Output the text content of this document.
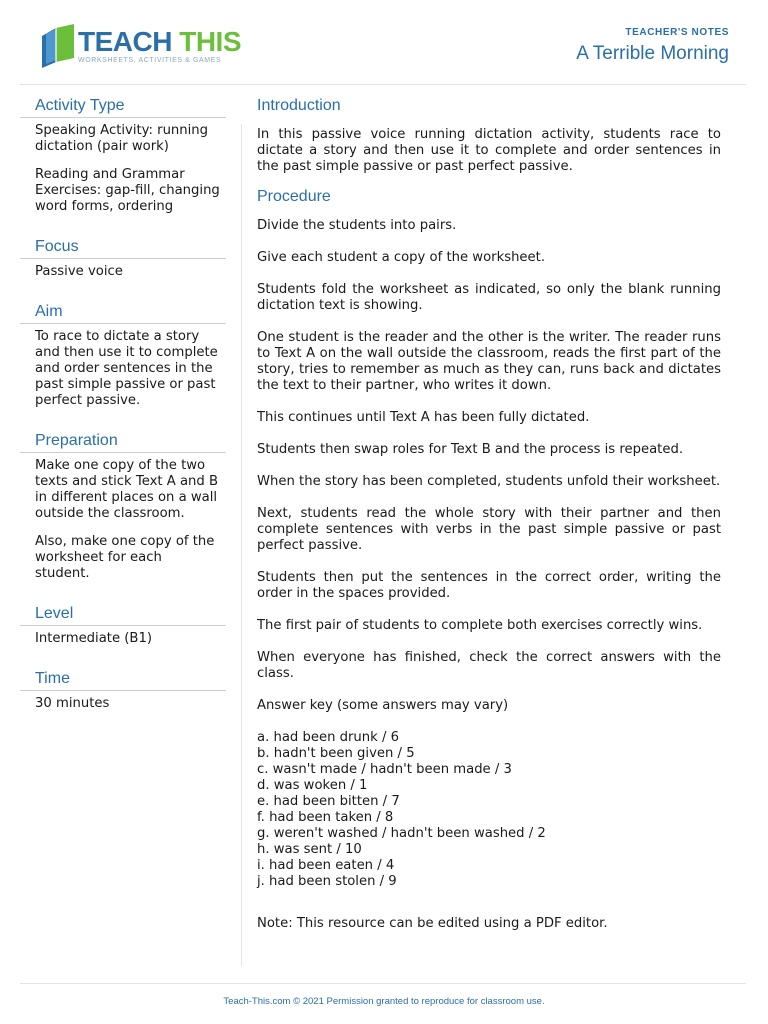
TEACH THIS
WORKSHEETS, ACTIVITIES & GAMES
TEACHER'S NOTES
A Terrible Morning
Activity Type

Speaking Activity: running dictation (pair work)

Reading and Grammar Exercises: gap-fill, changing word forms, ordering

Focus

Passive voice

Aim

To race to dictate a story and then use it to complete and order sentences in the past simple passive or past perfect passive.

Preparation

Make one copy of the two texts and stick Text A and B in different places on a wall outside the classroom.

Also, make one copy of the worksheet for each student.

Level

Intermediate (B1)

Time

30 minutes

Introduction

In this passive voice running dictation activity, students race to dictate a story and then use it to complete and order sentences in the past simple passive or past perfect passive.

Procedure

Divide the students into pairs.

Give each student a copy of the worksheet.

Students fold the worksheet as indicated, so only the blank running dictation text is showing.

One student is the reader and the other is the writer. The reader runs to Text A on the wall outside the classroom, reads the first part of the story, tries to remember as much as they can, runs back and dictates the text to their partner, who writes it down.

This continues until Text A has been fully dictated.

Students then swap roles for Text B and the process is repeated.

When the story has been completed, students unfold their worksheet.

Next, students read the whole story with their partner and then complete sentences with verbs in the past simple passive or past perfect passive.

Students then put the sentences in the correct order, writing the order in the spaces provided.

The first pair of students to complete both exercises correctly wins.

When everyone has finished, check the correct answers with the class.

Answer key (some answers may vary)

a. had been drunk / 6
b. hadn't been given / 5
c. wasn't made / hadn't been made / 3
d. was woken / 1
e. had been bitten / 7
f. had been taken / 8
g. weren't washed / hadn't been washed / 2
h. was sent / 10
i. had been eaten / 4
j. had been stolen / 9

Note: This resource can be edited using a PDF editor.

Teach-This.com © 2021 Permission granted to reproduce for classroom use.
